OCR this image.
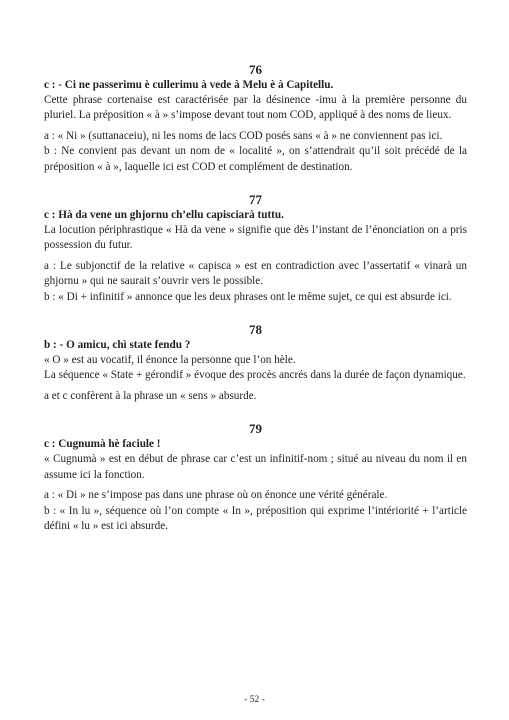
76

c : - Ci ne passerimu è cullerimu à vede à Melu è à Capitellu.

Cette phrase cortenaise est caractérisée par la désinence -imu à la première personne du pluriel. La préposition « à » s’impose devant tout nom COD, appliqué à des noms de lieux.

a : « Ni » (suttanaceiu), ni les noms de lacs COD posés sans « à » ne conviennent pas ici.

b : Ne convient pas devant un nom de « localité », on s’attendrait qu’il soit précédé de la préposition « à », laquelle ici est COD et complément de destination.

77

c : Hà da vene un ghjornu ch’ellu capisciarà tuttu.

La locution périphrastique « Hà da vene » signifie que dès l’instant de l’énonciation on a pris possession du futur.

a : Le subjonctif de la relative « capisca » est en contradiction avec l’assertatif « vinarà un ghjornu » qui ne saurait s’ouvrir vers le possible.

b : « Di + infinitif » annonce que les deux phrases ont le même sujet, ce qui est absurde ici.

78

b : - O amicu, chì state fendu ?

« O » est au vocatif, il énonce la personne que l’on hèle.

La séquence « State + gérondif » évoque des procès ancrés dans la durée de façon dynamique.

a et c confèrent à la phrase un « sens » absurde.

79

c : Cugnumà hè faciule !

« Cugnumà » est en début de phrase car c’est un infinitif-nom ; situé au niveau du nom il en assume ici la fonction.

a : « Di » ne s’impose pas dans une phrase où on énonce une vérité générale.

b : « In lu », séquence où l’on compte « In », préposition qui exprime l’intériorité + l’article défini « lu » est ici absurde.

- 52 -
